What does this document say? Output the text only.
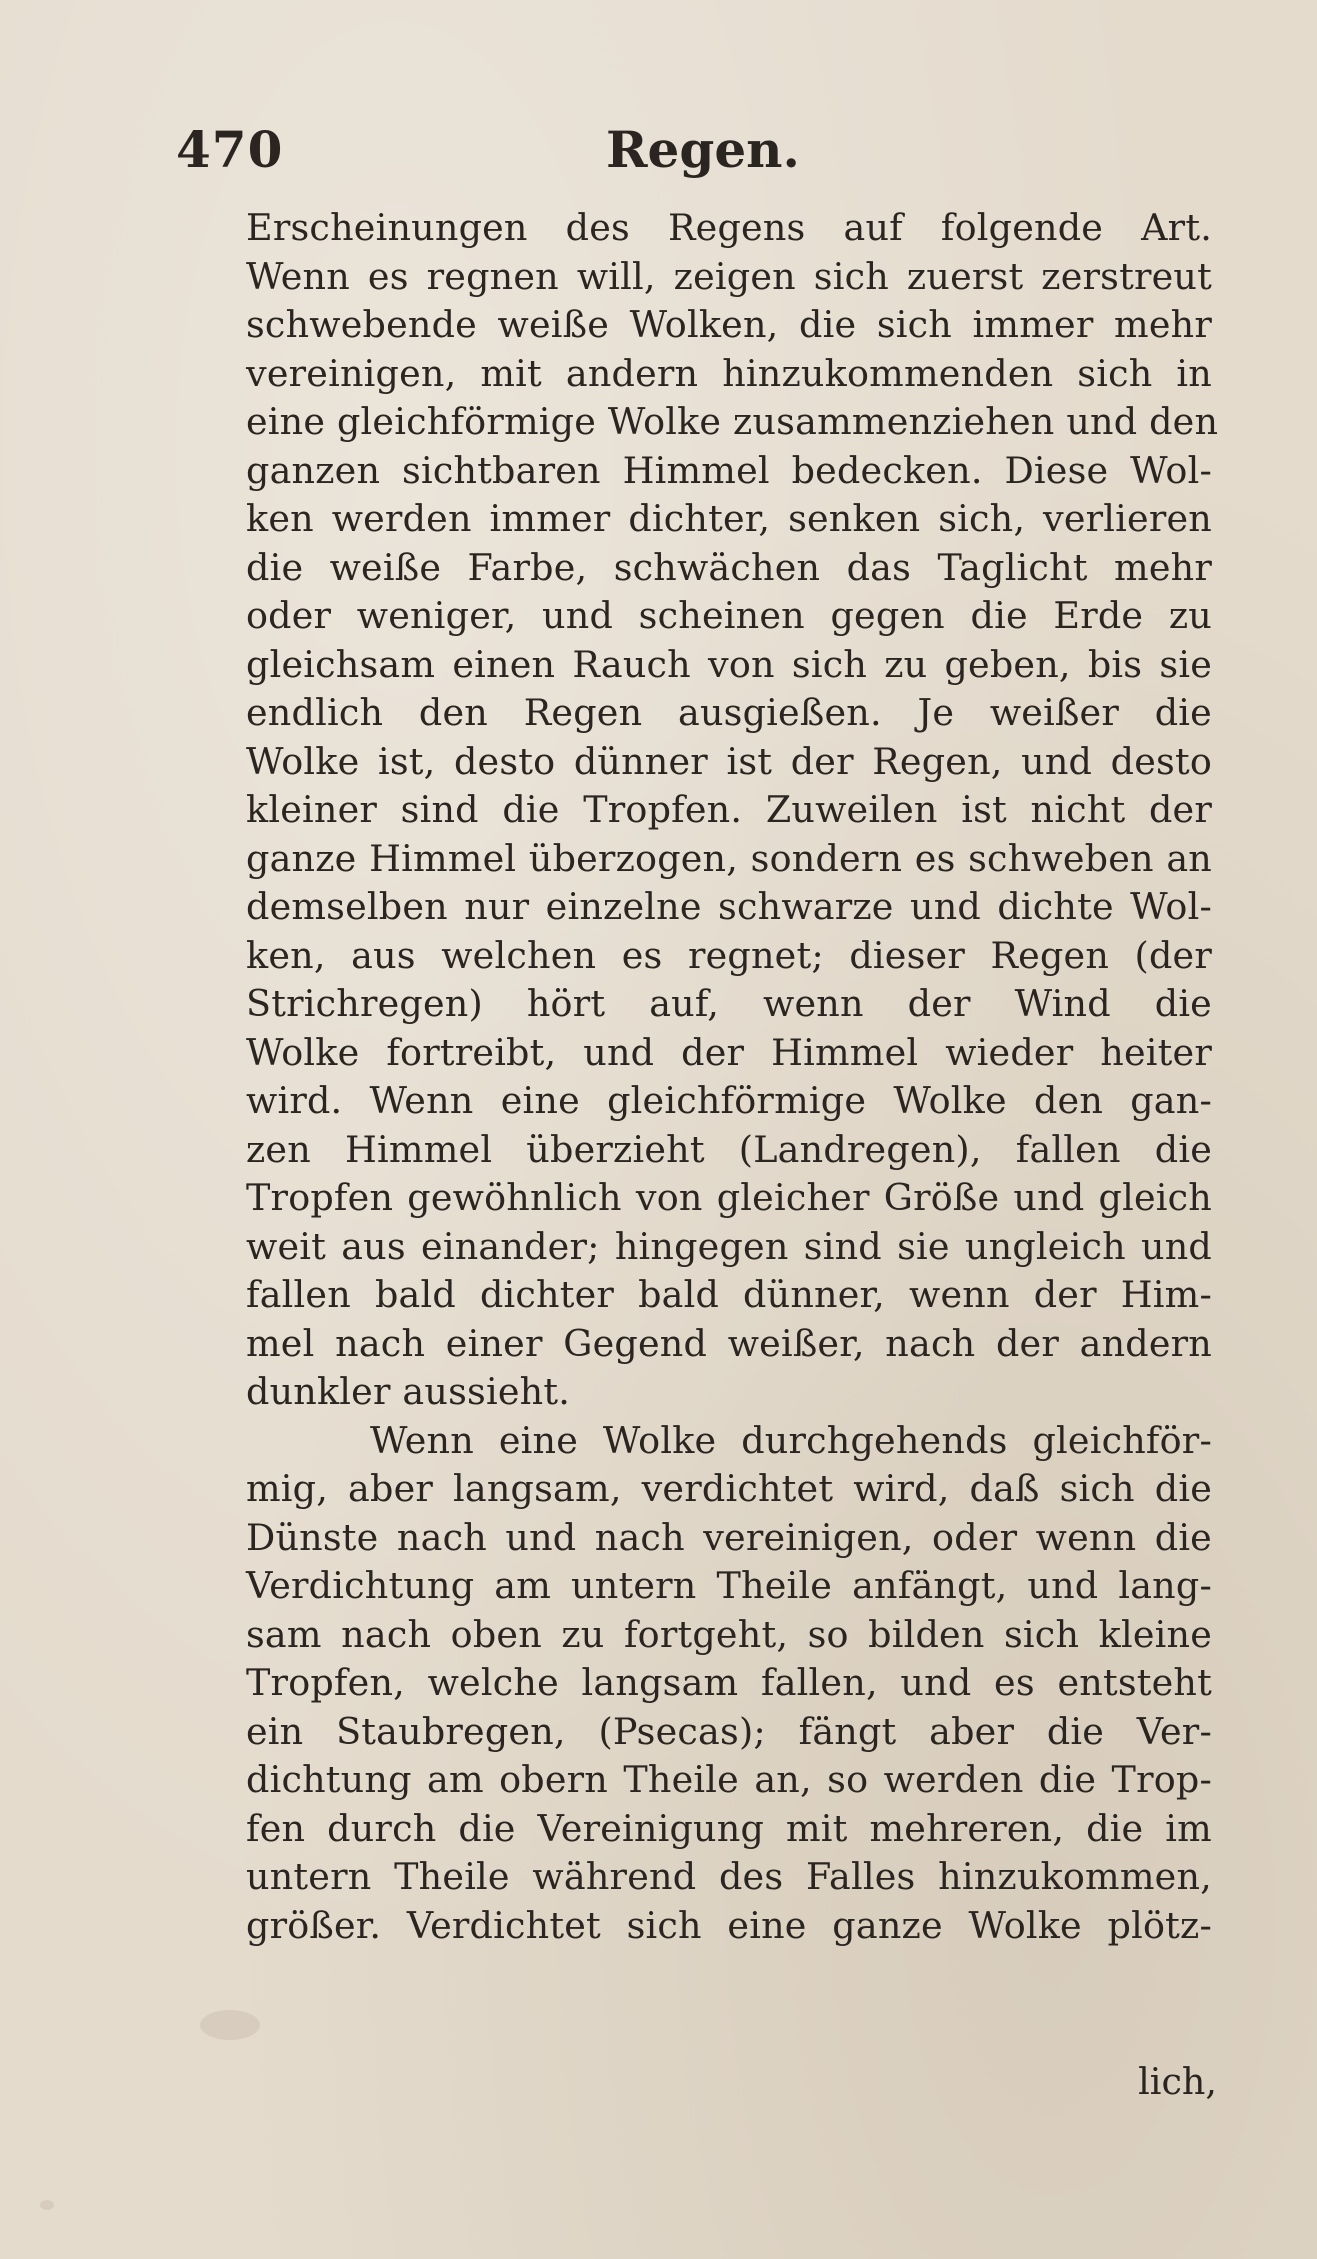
470	Regen.
Erscheinungen des Regens auf folgende Art.
Wenn es regnen will, zeigen sich zuerst zerstreut
schwebende weiße Wolken, die sich immer mehr
vereinigen, mit andern hinzukommenden sich in
eine gleichförmige Wolke zusammenziehen und den
ganzen sichtbaren Himmel bedecken. Diese Wol-
ken werden immer dichter, senken sich, verlieren
die weiße Farbe, schwächen das Taglicht mehr
oder weniger, und scheinen gegen die Erde zu
gleichsam einen Rauch von sich zu geben, bis sie
endlich den Regen ausgießen. Je weißer die
Wolke ist, desto dünner ist der Regen, und desto
kleiner sind die Tropfen. Zuweilen ist nicht der
ganze Himmel überzogen, sondern es schweben an
demselben nur einzelne schwarze und dichte Wol-
ken, aus welchen es regnet; dieser Regen (der
Strichregen) hört auf, wenn der Wind die
Wolke fortreibt, und der Himmel wieder heiter
wird. Wenn eine gleichförmige Wolke den gan-
zen Himmel überzieht (Landregen), fallen die
Tropfen gewöhnlich von gleicher Größe und gleich
weit aus einander; hingegen sind sie ungleich und
fallen bald dichter bald dünner, wenn der Him-
mel nach einer Gegend weißer, nach der andern
dunkler aussieht.
Wenn eine Wolke durchgehends gleichför-
mig, aber langsam, verdichtet wird, daß sich die
Dünste nach und nach vereinigen, oder wenn die
Verdichtung am untern Theile anfängt, und lang-
sam nach oben zu fortgeht, so bilden sich kleine
Tropfen, welche langsam fallen, und es entsteht
ein Staubregen, (Psecas); fängt aber die Ver-
dichtung am obern Theile an, so werden die Trop-
fen durch die Vereinigung mit mehreren, die im
untern Theile während des Falles hinzukommen,
größer. Verdichtet sich eine ganze Wolke plötz-
lich,
